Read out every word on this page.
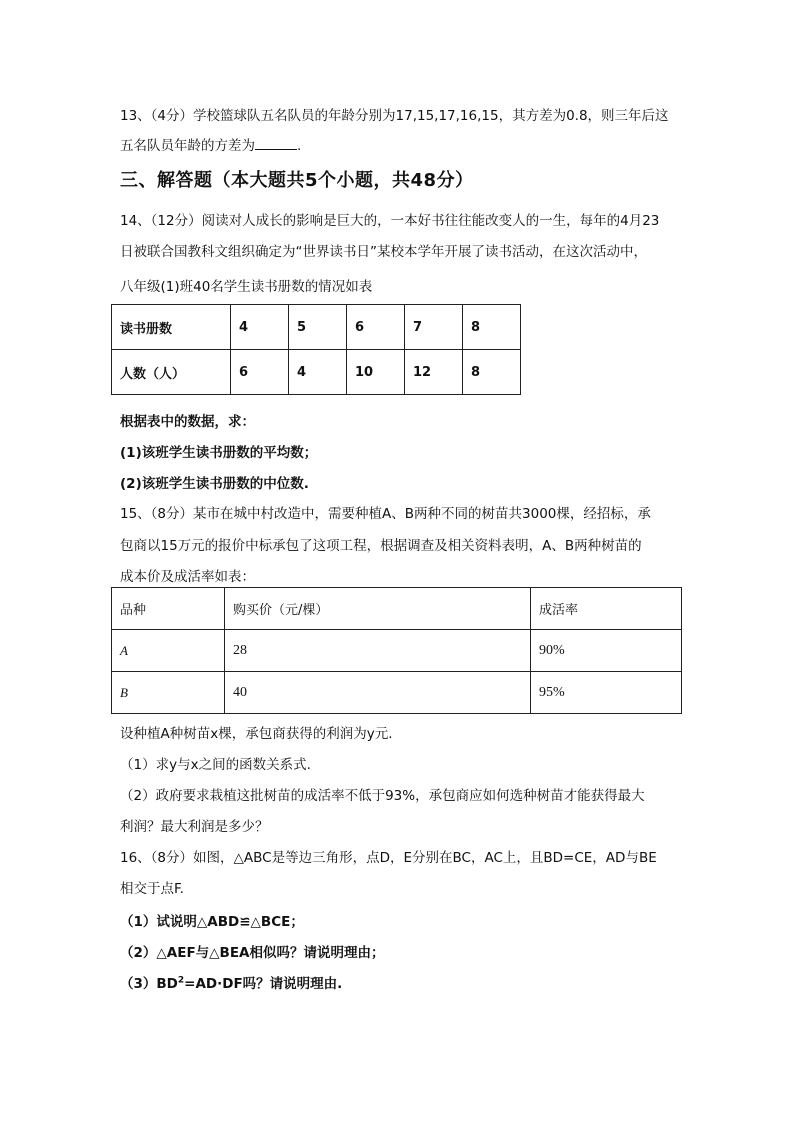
13、（4分）学校篮球队五名队员的年龄分别为17,15,17,16,15，其方差为0.8，则三年后这
五名队员年龄的方差为	.
三、解答题（本大题共5个小题，共48分）
14、（12分）阅读对人成长的影响是巨大的，一本好书往往能改变人的一生，每年的4月23
日被联合国教科文组织确定为“世界读书日”某校本学年开展了读书活动，在这次活动中，
八年级(1)班40名学生读书册数的情况如表
读书册数	4	5	6	7	8
人数（人）	6	4	10	12	8
根据表中的数据，求：
(1)该班学生读书册数的平均数；
(2)该班学生读书册数的中位数.
15、（8分）某市在城中村改造中，需要种植A、B两种不同的树苗共3000棵，经招标，承
包商以15万元的报价中标承包了这项工程，根据调查及相关资料表明，A、B两种树苗的
成本价及成活率如表：
品种	购买价（元/棵）	成活率
A	28	90%
B	40	95%
设种植A种树苗x棵，承包商获得的利润为y元.
（1）求y与x之间的函数关系式.
（2）政府要求栽植这批树苗的成活率不低于93%，承包商应如何选种树苗才能获得最大
利润？最大利润是多少？
16、（8分）如图，△ABC是等边三角形，点D，E分别在BC，AC上，且BD=CE，AD与BE
相交于点F.
（1）试说明△ABD≌△BCE；
（2）△AEF与△BEA相似吗？请说明理由；
$(3)BD^2=AD\cdot DF$吗？请说明理由.
